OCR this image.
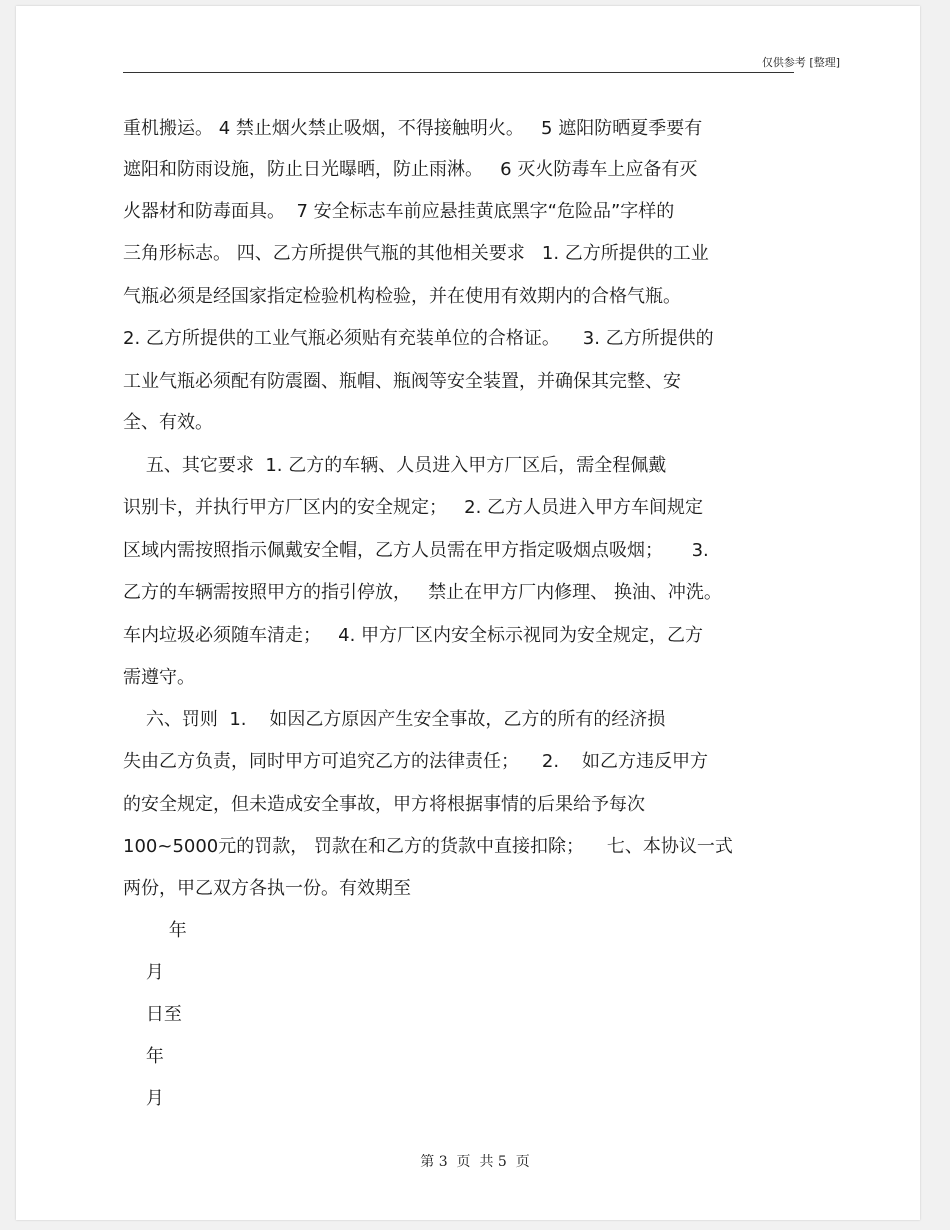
仅供参考 [整理]
重机搬运。 4 禁止烟火禁止吸烟，不得接触明火。   5 遮阳防晒夏季要有
遮阳和防雨设施，防止日光曝晒，防止雨淋。   6 灭火防毒车上应备有灭
火器材和防毒面具。  7 安全标志车前应悬挂黄底黑字“危险品”字样的
三角形标志。 四、乙方所提供气瓶的其他相关要求   1. 乙方所提供的工业
气瓶必须是经国家指定检验机构检验，并在使用有效期内的合格气瓶。
2. 乙方所提供的工业气瓶必须贴有充装单位的合格证。    3. 乙方所提供的
工业气瓶必须配有防震圈、瓶帽、瓶阀等安全装置，并确保其完整、安
全、有效。
五、其它要求  1. 乙方的车辆、人员进入甲方厂区后，需全程佩戴
识别卡，并执行甲方厂区内的安全规定；   2. 乙方人员进入甲方车间规定
区域内需按照指示佩戴安全帽，乙方人员需在甲方指定吸烟点吸烟；     3.
乙方的车辆需按照甲方的指引停放，   禁止在甲方厂内修理、 换油、冲洗。
车内垃圾必须随车清走；   4. 甲方厂区内安全标示视同为安全规定，乙方
需遵守。
六、罚则  1.    如因乙方原因产生安全事故，乙方的所有的经济损
失由乙方负责，同时甲方可追究乙方的法律责任；    2.    如乙方违反甲方
的安全规定，但未造成安全事故，甲方将根据事情的后果给予每次
100~5000元的罚款， 罚款在和乙方的货款中直接扣除；    七、本协议一式
两份，甲乙双方各执一份。有效期至
年
月
日至
年
月
第 3  页  共 5  页
